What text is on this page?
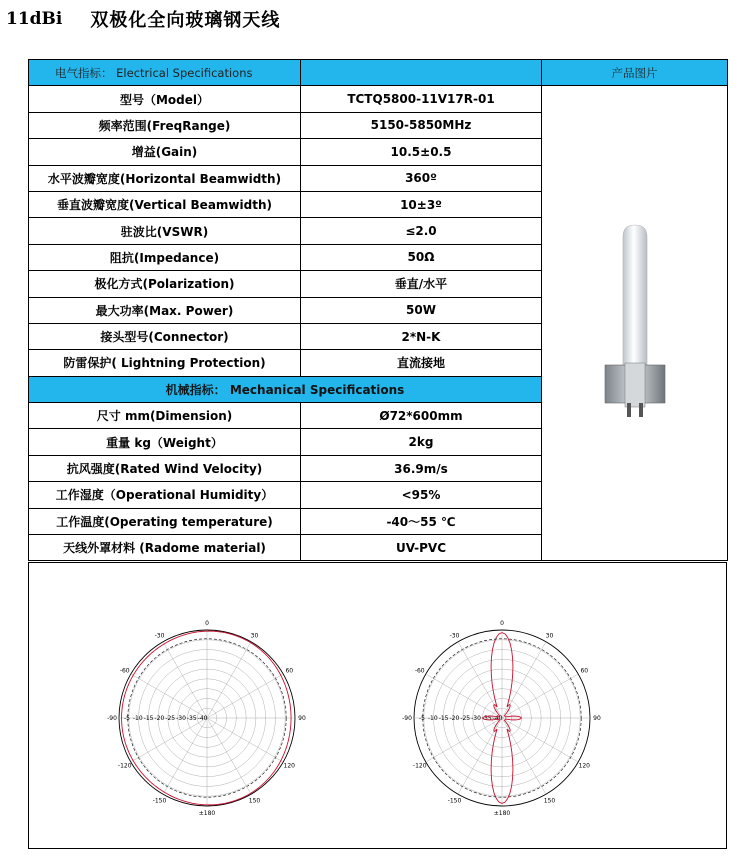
11dBi 双极化全向玻璃钢天线
电气指标： Electrical Specifications		产品图片
型号（Model）	TCTQ5800-11V17R-01	

频率范围(FreqRange)	5150-5850MHz	
增益(Gain)	10.5±0.5	
水平波瓣宽度(Horizontal Beamwidth)	360º	
垂直波瓣宽度(Vertical Beamwidth)	10±3º	
驻波比(VSWR)	≤2.0	
阻抗(Impedance)	50Ω	
极化方式(Polarization)	垂直/水平	
最大功率(Max. Power)	50W	
接头型号(Connector)	2*N-K	
防雷保护( Lightning Protection)	直流接地	
机械指标： Mechanical Specifications		
尺寸 mm(Dimension)	Ø72*600mm	
重量 kg（Weight）	2kg	
抗风强度(Rated Wind Velocity)	36.9m/s	
工作湿度（Operational Humidity）	<95%	
工作温度(Operating temperature)	-40～55 ℃	
天线外罩材料 (Radome material)	UV-PVC	
0
30
60
90
120
150
±180
-150
-120
-90
-60
-30
-5 -10 -15 -20 -25 -30 -35 -40
0
30
60
90
120
150
±180
-150
-120
-90
-60
-30
-5 -10 -15 -20 -25 -30 -35 -40
